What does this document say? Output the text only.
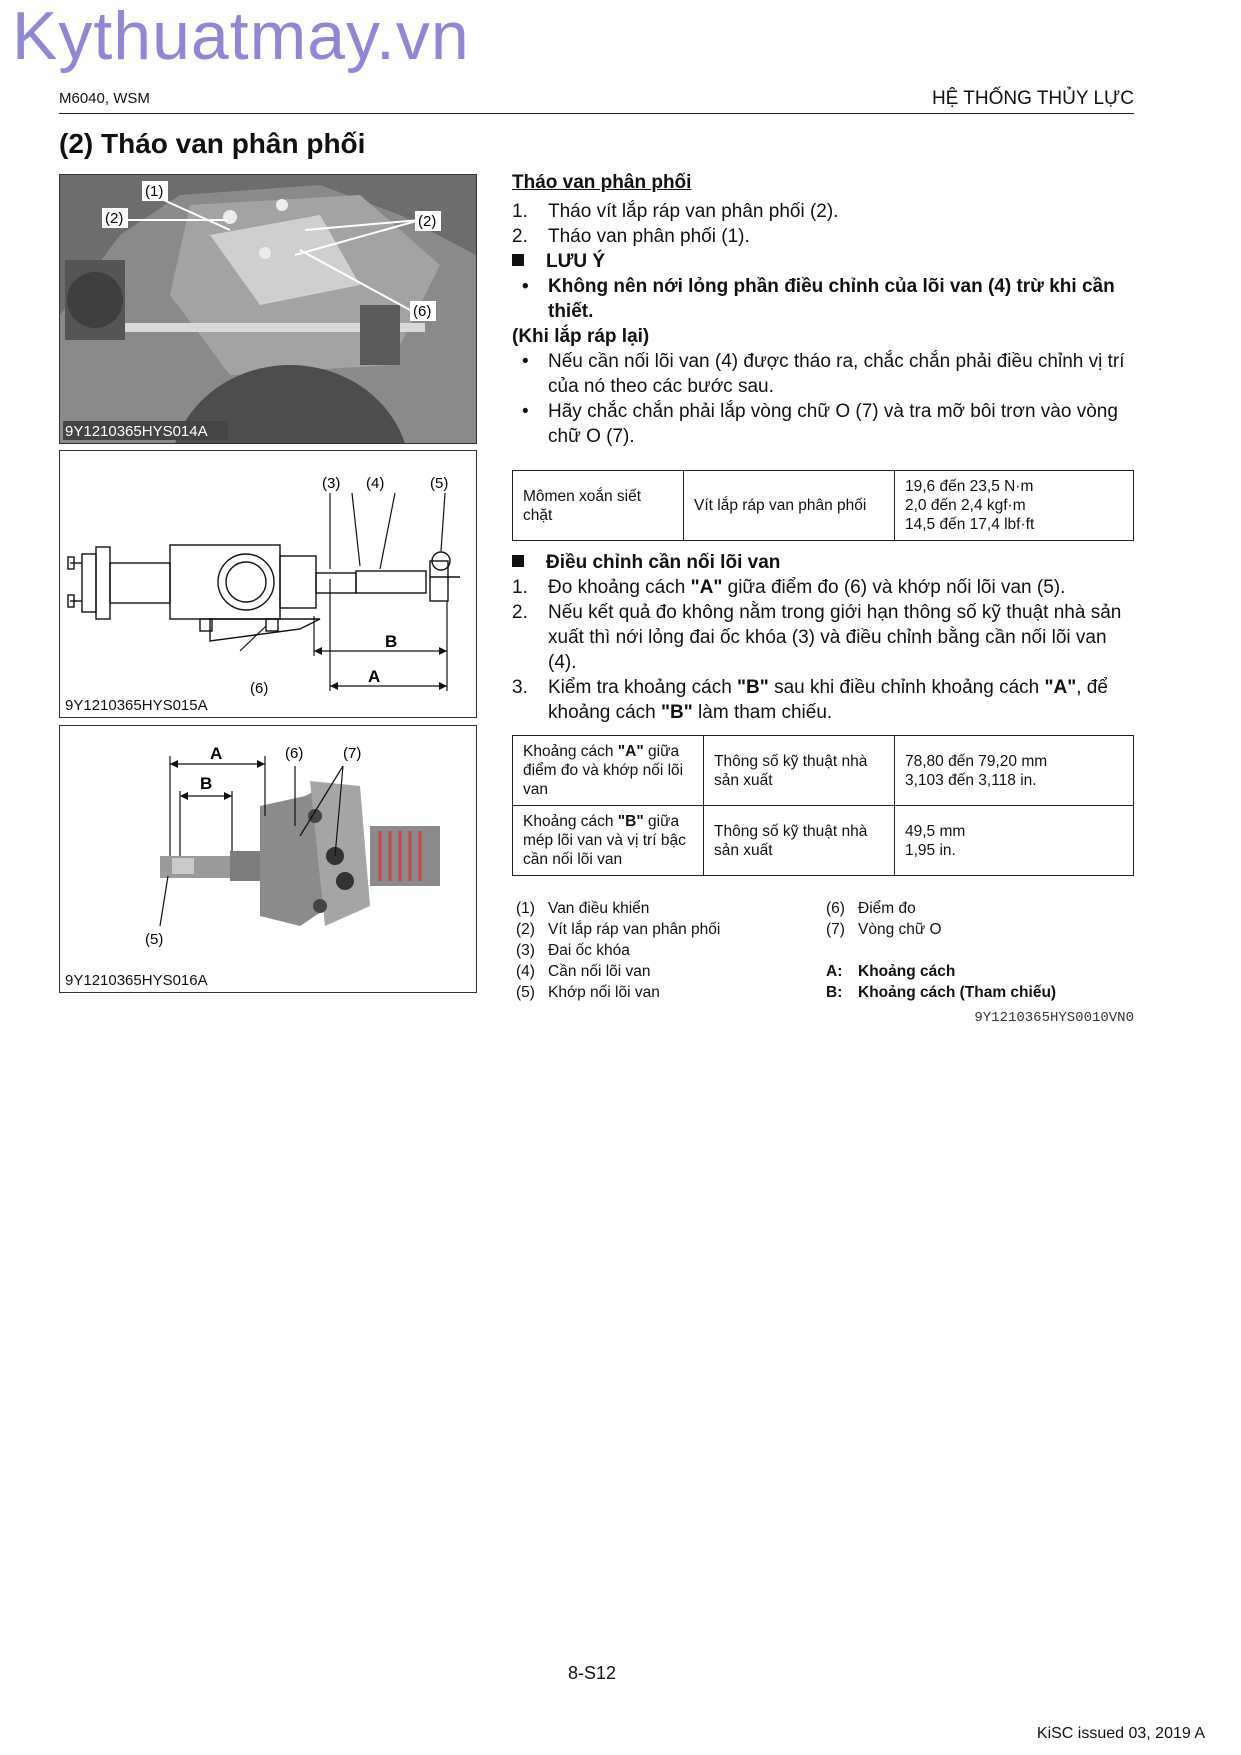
Kythuatmay.vn
M6040, WSM	HỆ THỐNG THỦY LỰC
(2) Tháo van phân phối
(1)
(2)	(2)
(6)
9Y1210365HYS014A
(3) (4)	(5)
(6)
B
A
9Y1210365HYS015A
A
B
(6)	(7)
(5)
9Y1210365HYS016A
Tháo van phân phối
1. Tháo vít lắp ráp van phân phối (2).
2. Tháo van phân phối (1).
LƯU Ý
• Không nên nới lỏng phần điều chỉnh của lõi van (4) trừ khi cần thiết.
(Khi lắp ráp lại)
• Nếu cần nối lõi van (4) được tháo ra, chắc chắn phải điều chỉnh vị trí của nó theo các bước sau.
• Hãy chắc chắn phải lắp vòng chữ O (7) và tra mỡ bôi trơn vào vòng chữ O (7).
Mômen xoắn siết chặt	Vít lắp ráp van phân phối	
19,6 đến 23,5 N·m
2,0 đến 2,4 kgf·m
14,5 đến 17,4 lbf·ft
Điều chỉnh cần nối lõi van
1. Đo khoảng cách "A" giữa điểm đo (6) và khớp nối lõi van (5).
2. Nếu kết quả đo không nằm trong giới hạn thông số kỹ thuật nhà sản xuất thì nới lỏng đai ốc khóa (3) và điều chỉnh bằng cần nối lõi van (4).
3. Kiểm tra khoảng cách "B" sau khi điều chỉnh khoảng cách "A", để khoảng cách "B" làm tham chiếu.
Khoảng cách "A" giữa điểm đo và khớp nối lõi van	Thông số kỹ thuật nhà sản xuất	78,80 đến 79,20 mm
3,103 đến 3,118 in.

Khoảng cách "B" giữa mép lõi van và vị trí bậc cần nối lõi van	Thông số kỹ thuật nhà sản xuất	49,5 mm
1,95 in.
(1) Van điều khiển
(2) Vít lắp ráp van phân phối
(3) Đai ốc khóa
(4) Cần nối lõi van
(5) Khớp nối lõi van
(6) Điểm đo
(7) Vòng chữ O
A: Khoảng cách
B: Khoảng cách (Tham chiếu)
9Y1210365HYS0010VN0
8-S12
KiSC issued 03, 2019 A
